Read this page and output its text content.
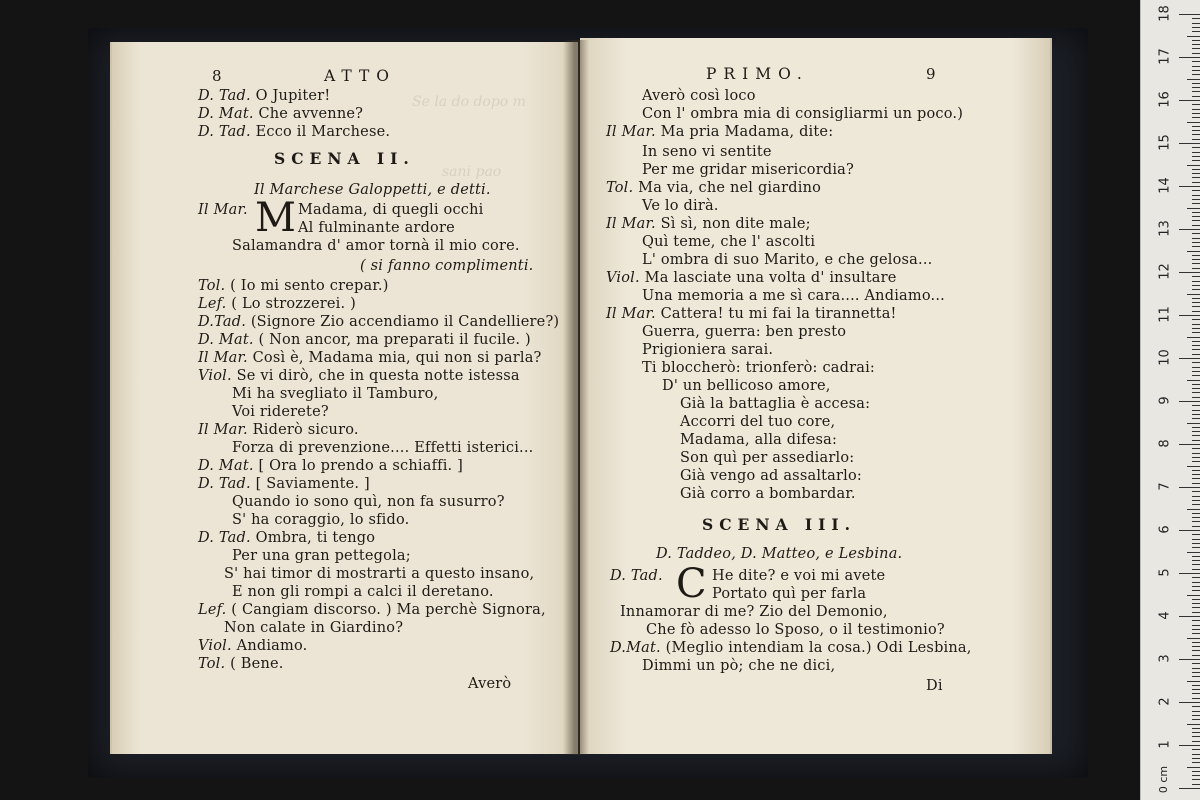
Se la do dopo m
sani pao
8	ATTO
D. Tad. O Jupiter!
D. Mat. Che avvenne?
D. Tad. Ecco il Marchese.
SCENA II.
Il Marchese Galoppetti, e detti.
Il Mar. M Madama, di quegli occhi
Al fulminante ardore
Salamandra d' amor tornà il mio core.
( si fanno complimenti.
Tol. ( Io mi sento crepar.)
Lef. ( Lo strozzerei. )
D.Tad. (Signore Zio accendiamo il Candelliere?)
D. Mat. ( Non ancor, ma preparati il fucile. )
Il Mar. Così è, Madama mia, qui non si parla?
Viol. Se vi dirò, che in questa notte istessa
Mi ha svegliato il Tamburo,
Voi riderete?
Il Mar. Riderò sicuro.
Forza di prevenzione.... Effetti isterici...
D. Mat. [ Ora lo prendo a schiaffi. ]
D. Tad. [ Saviamente. ]
Quando io sono quì, non fa susurro?
S' ha coraggio, lo sfido.
D. Tad. Ombra, ti tengo
Per una gran pettegola;
S' hai timor di mostrarti a questo insano,
E non gli rompi a calci il deretano.
Lef. ( Cangiam discorso. ) Ma perchè Signora,
Non calate in Giardino?
Viol. Andiamo.
Tol. ( Bene.
Averò
PRIMO.	9
Averò così loco
Con l' ombra mia di consigliarmi un poco.)
Il Mar. Ma pria Madama, dite:
In seno vi sentite
Per me gridar misericordia?
Tol. Ma via, che nel giardino
Ve lo dirà.
Il Mar. Sì sì, non dite male;
Quì teme, che l' ascolti
L' ombra di suo Marito, e che gelosa...
Viol. Ma lasciate una volta d' insultare
Una memoria a me sì cara.... Andiamo...
Il Mar. Cattera! tu mi fai la tirannetta!
Guerra, guerra: ben presto
Prigioniera sarai.
Ti bloccherò: trionferò: cadrai:
D' un bellicoso amore,
Già la battaglia è accesa:
Accorri del tuo core,
Madama, alla difesa:
Son quì per assediarlo:
Già vengo ad assaltarlo:
Già corro a bombardar.
SCENA III.
D. Taddeo, D. Matteo, e Lesbina.
D. Tad. C He dite? e voi mi avete
Portato quì per farla
Innamorar di me? Zio del Demonio,
Che fò adesso lo Sposo, o il testimonio?
D.Mat. (Meglio intendiam la cosa.) Odi Lesbina,
Dimmi un pò; che ne dici,
Di
18
17
16
15
14
13
12
11
10
9
8
7
6
5
4
3
2
1
0 cm
